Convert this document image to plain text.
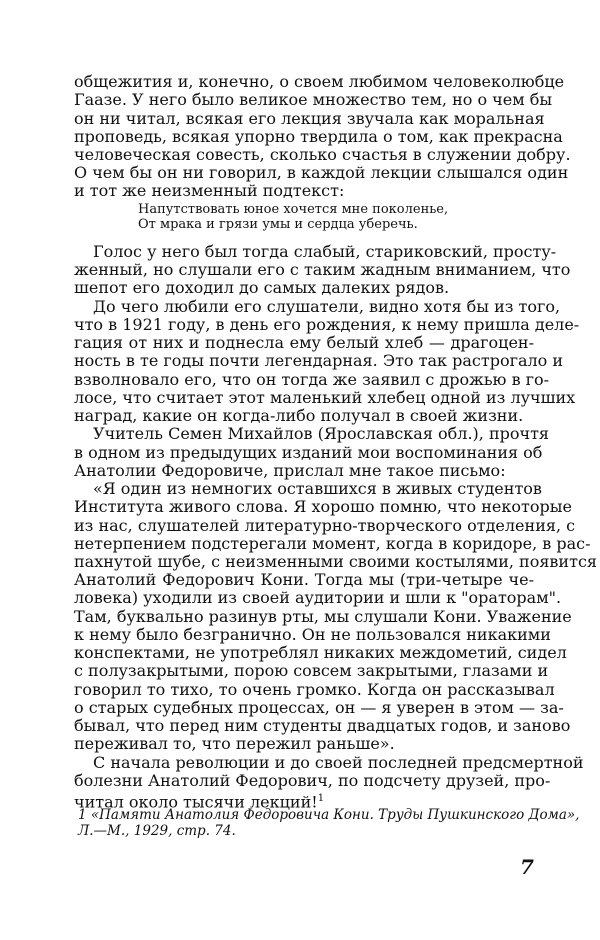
общежития и, конечно, о своем любимом человеколюбце
Гаазе. У него было великое множество тем, но о чем бы
он ни читал, всякая его лекция звучала как моральная
проповедь, всякая упорно твердила о том, как прекрасна
человеческая совесть, сколько счастья в служении добру.
О чем бы он ни говорил, в каждой лекции слышался один
и тот же неизменный подтекст:
Напутствовать юное хочется мне поколенье,
От мрака и грязи умы и сердца уберечь.
Голос у него был тогда слабый, стариковский, просту-
женный, но слушали его с таким жадным вниманием, что
шепот его доходил до самых далеких рядов.
До чего любили его слушатели, видно хотя бы из того,
что в 1921 году, в день его рождения, к нему пришла деле-
гация от них и поднесла ему белый хлеб — драгоцен-
ность в те годы почти легендарная. Это так растрогало и
взволновало его, что он тогда же заявил с дрожью в го-
лосе, что считает этот маленький хлебец одной из лучших
наград, какие он когда-либо получал в своей жизни.
Учитель Семен Михайлов (Ярославская обл.), прочтя
в одном из предыдущих изданий мои воспоминания об
Анатолии Федоровиче, прислал мне такое письмо:
«Я один из немногих оставшихся в живых студентов
Института живого слова. Я хорошо помню, что некоторые
из нас, слушателей литературно-творческого отделения, с
нетерпением подстерегали момент, когда в коридоре, в рас-
пахнутой шубе, с неизменными своими костылями, появится
Анатолий Федорович Кони. Тогда мы (три-четыре че-
ловека) уходили из своей аудитории и шли к "ораторам".
Там, буквально разинув рты, мы слушали Кони. Уважение
к нему было безгранично. Он не пользовался никакими
конспектами, не употреблял никаких междометий, сидел
с полузакрытыми, порою совсем закрытыми, глазами и
говорил то тихо, то очень громко. Когда он рассказывал
о старых судебных процессах, он — я уверен в этом — за-
бывал, что перед ним студенты двадцатых годов, и заново
переживал то, что пережил раньше».
С начала революции и до своей последней предсмертной
болезни Анатолий Федорович, по подсчету друзей, про-
читал около тысячи лекций!$^1$
1 «Памяти Анатолия Федоровича Кони. Труды Пушкинского Дома»,
Л.—М., 1929, стр. 74.
7
